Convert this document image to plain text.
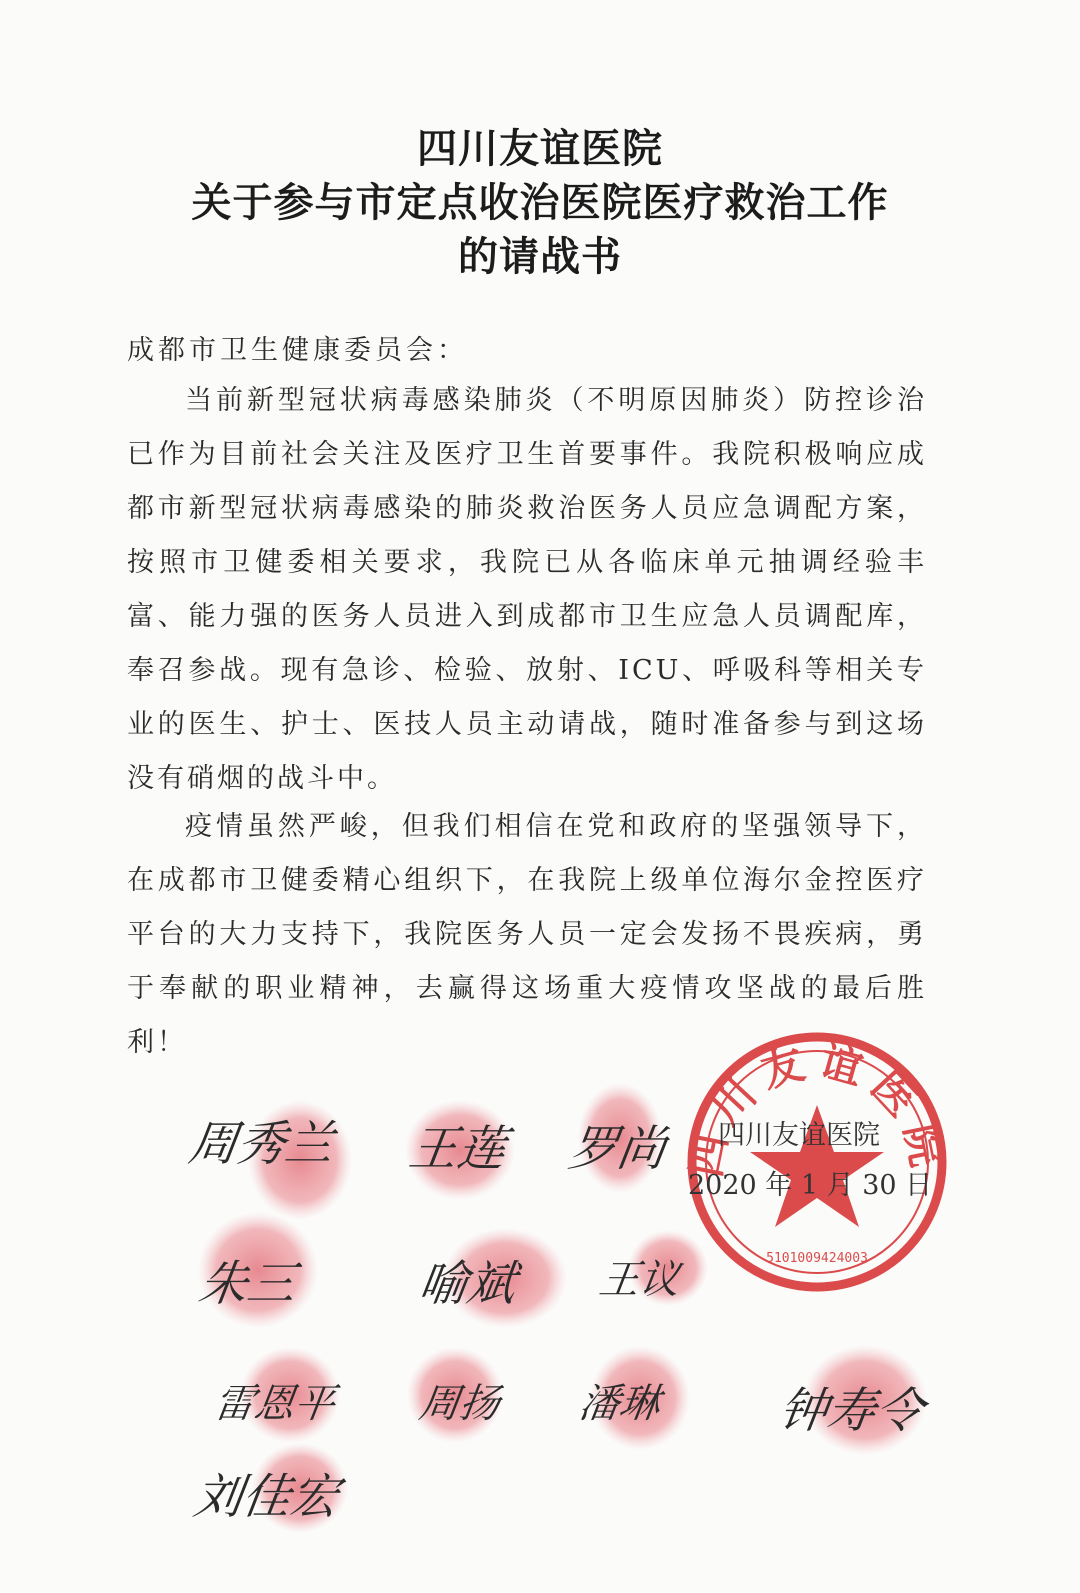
四川友谊医院
关于参与市定点收治医院医疗救治工作
的请战书
成都市卫生健康委员会：
当前新型冠状病毒感染肺炎（不明原因肺炎）防控诊治已作为目前社会关注及医疗卫生首要事件。我院积极响应成都市新型冠状病毒感染的肺炎救治医务人员应急调配方案，按照市卫健委相关要求，我院已从各临床单元抽调经验丰富、能力强的医务人员进入到成都市卫生应急人员调配库，奉召参战。现有急诊、检验、放射、ICU、呼吸科等相关专业的医生、护士、医技人员主动请战，随时准备参与到这场没有硝烟的战斗中。
疫情虽然严峻，但我们相信在党和政府的坚强领导下，在成都市卫健委精心组织下，在我院上级单位海尔金控医疗平台的大力支持下，我院医务人员一定会发扬不畏疾病，勇于奉献的职业精神，去赢得这场重大疫情攻坚战的最后胜利！
四川友谊医院
5101009424003
四川友谊医院
2020 年 1 月 30 日
周秀兰 王莲 罗尚
朱三 喻斌 王议
雷恩平 周扬 潘琳 钟寿令
刘佳宏
